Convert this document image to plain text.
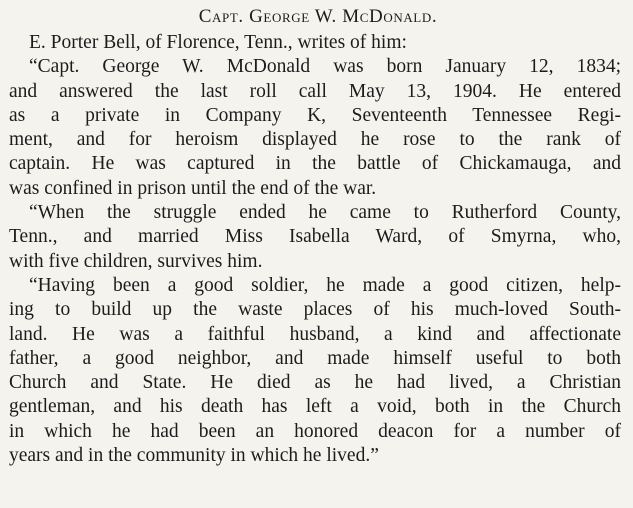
Capt. George W. McDonald.
E. Porter Bell, of Florence, Tenn., writes of him:
“Capt. George W. McDonald was born January 12, 1834;
and answered the last roll call May 13, 1904. He entered
as a private in Company K, Seventeenth Tennessee Regi-
ment, and for heroism displayed he rose to the rank of
captain. He was captured in the battle of Chickamauga, and
was confined in prison until the end of the war.
“When the struggle ended he came to Rutherford County,
Tenn., and married Miss Isabella Ward, of Smyrna, who,
with five children, survives him.
“Having been a good soldier, he made a good citizen, help-
ing to build up the waste places of his much-loved South-
land. He was a faithful husband, a kind and affectionate
father, a good neighbor, and made himself useful to both
Church and State. He died as he had lived, a Christian
gentleman, and his death has left a void, both in the Church
in which he had been an honored deacon for a number of
years and in the community in which he lived.”
